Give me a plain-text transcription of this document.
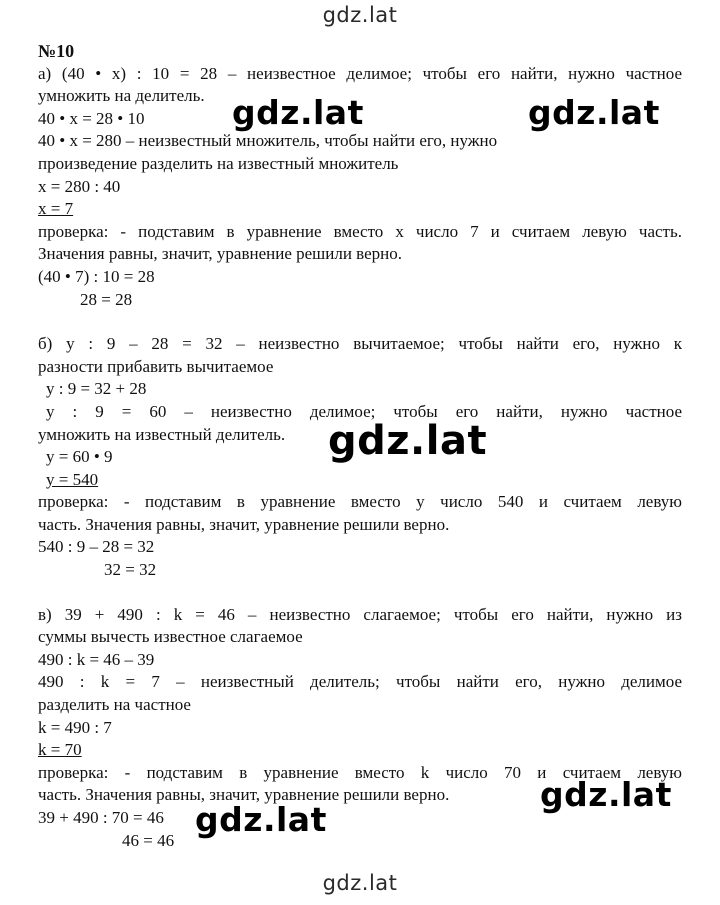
gdz.lat
№10
а) (40 • х) : 10 = 28 – неизвестное делимое; чтобы его найти, нужно частное
умножить на делитель.
40 • х = 28 • 10
40 • х = 280 – неизвестный множитель, чтобы найти его, нужно
произведение разделить на известный множитель
х = 280 : 40
х = 7
проверка: - подставим в уравнение вместо х число 7 и считаем левую часть.
Значения равны, значит, уравнение решили верно.
(40 • 7) : 10 = 28
28 = 28
б) у : 9 – 28 = 32 – неизвестно вычитаемое; чтобы найти его, нужно к
разности прибавить вычитаемое
у : 9 = 32 + 28
у : 9 = 60 – неизвестно делимое; чтобы его найти, нужно частное
умножить на известный делитель.
у = 60 • 9
у = 540
проверка: - подставим в уравнение вместо у число 540 и считаем левую
часть. Значения равны, значит, уравнение решили верно.
540 : 9 – 28 = 32
32 = 32
в) 39 + 490 : k = 46 – неизвестно слагаемое; чтобы его найти, нужно из
суммы вычесть известное слагаемое
490 : k = 46 – 39
490 : k = 7 – неизвестный делитель; чтобы найти его, нужно делимое
разделить на частное
k = 490 : 7
k = 70
проверка: - подставим в уравнение вместо k число 70 и считаем левую
часть. Значения равны, значит, уравнение решили верно.
39 + 490 : 70 = 46
46 = 46
gdz.lat	gdz.lat
gdz.lat
gdz.lat
gdz.lat
gdz.lat
